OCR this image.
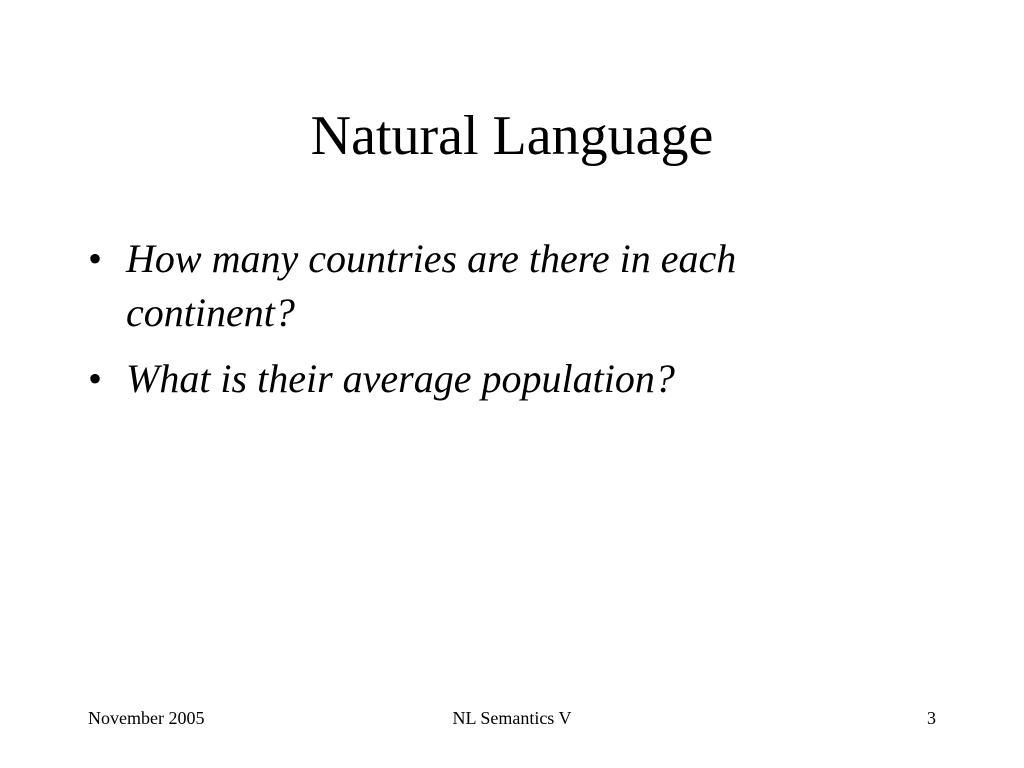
Natural Language
• How many countries are there in each continent?
• What is their average population?
November 2005	NL Semantics V	3
